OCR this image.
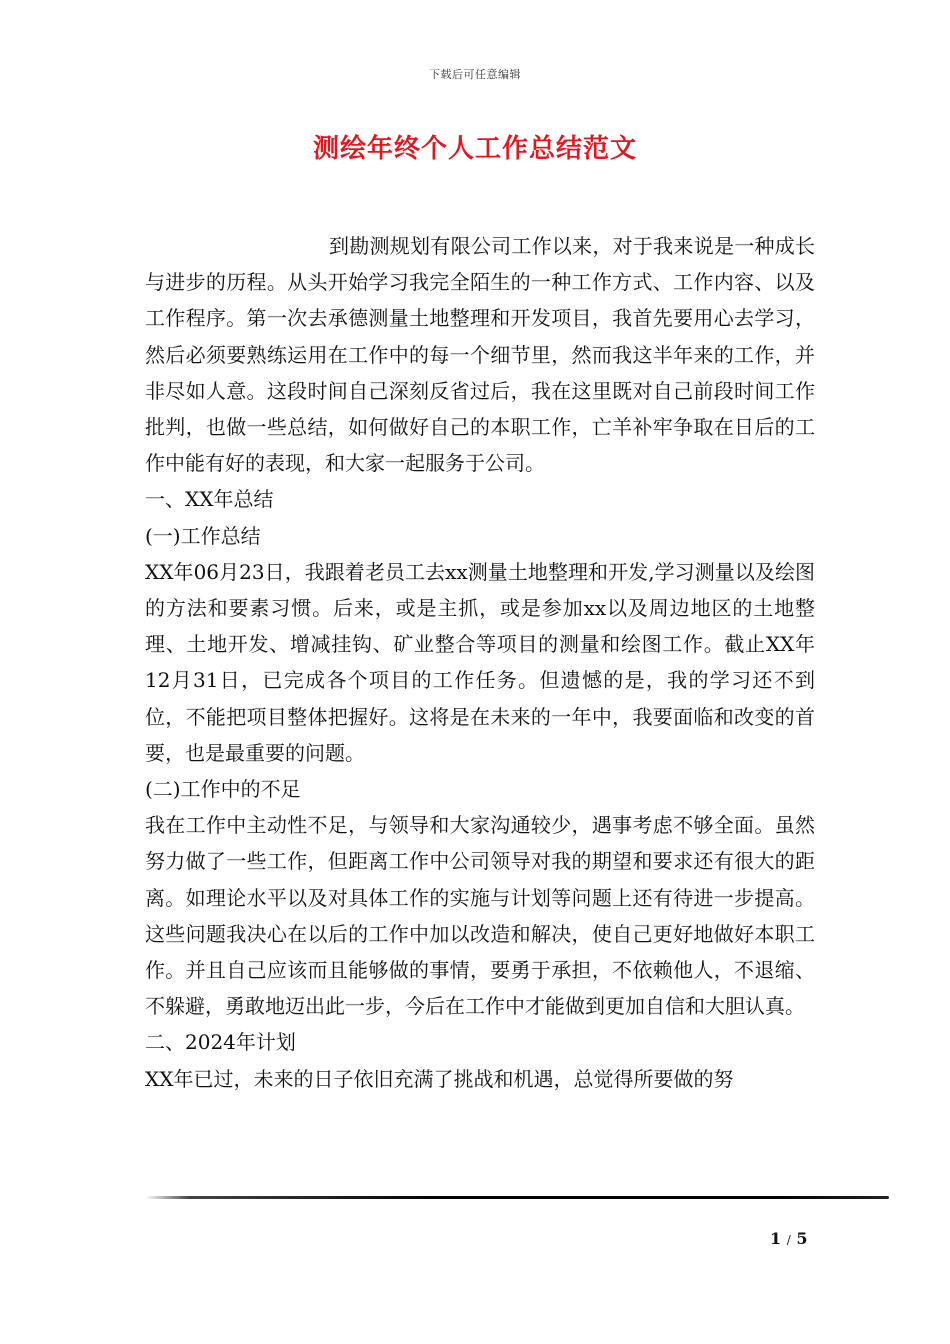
下载后可任意编辑
测绘年终个人工作总结范文

到勘测规划有限公司工作以来，对于我来说是一种成长与进步的历程。从头开始学习我完全陌生的一种工作方式、工作内容、以及工作程序。第一次去承德测量土地整理和开发项目，我首先要用心去学习，然后必须要熟练运用在工作中的每一个细节里，然而我这半年来的工作，并非尽如人意。这段时间自己深刻反省过后，我在这里既对自己前段时间工作批判，也做一些总结，如何做好自己的本职工作，亡羊补牢争取在日后的工作中能有好的表现，和大家一起服务于公司。

一、XX年总结

(一)工作总结

XX年06月23日，我跟着老员工去xx测量土地整理和开发,学习测量以及绘图的方法和要素习惯。后来，或是主抓，或是参加xx以及周边地区的土地整理、土地开发、增减挂钩、矿业整合等项目的测量和绘图工作。截止XX年12月31日，已完成各个项目的工作任务。但遗憾的是，我的学习还不到位，不能把项目整体把握好。这将是在未来的一年中，我要面临和改变的首要，也是最重要的问题。

(二)工作中的不足

我在工作中主动性不足，与领导和大家沟通较少，遇事考虑不够全面。虽然努力做了一些工作，但距离工作中公司领导对我的期望和要求还有很大的距离。如理论水平以及对具体工作的实施与计划等问题上还有待进一步提高。这些问题我决心在以后的工作中加以改造和解决，使自己更好地做好本职工作。并且自己应该而且能够做的事情，要勇于承担，不依赖他人，不退缩、不躲避，勇敢地迈出此一步，今后在工作中才能做到更加自信和大胆认真。

二、2024年计划

XX年已过，未来的日子依旧充满了挑战和机遇，总觉得所要做的努

1 / 5
